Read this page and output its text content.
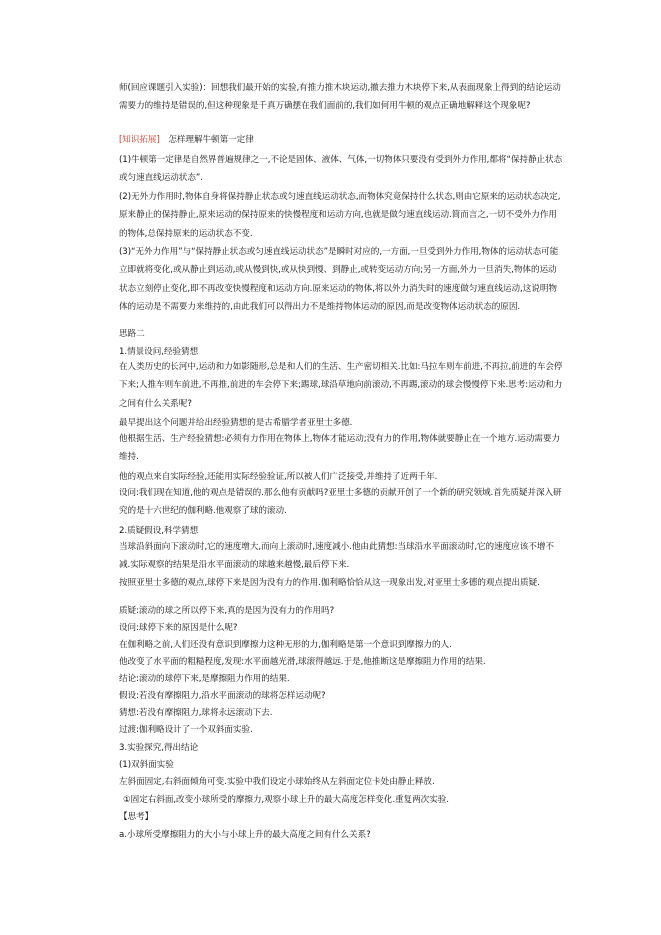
师(回应课题引入实验)：回想我们最开始的实验,有推力推木块运动,撤去推力木块停下来,从表面现象上得到的结论运动需要力的维持是错误的,但这种现象是千真万确摆在我们面前的,我们如何用牛顿的观点正确地解释这个现象呢?
[知识拓展]　怎样理解牛顿第一定律
(1)牛顿第一定律是自然界普遍规律之一,不论是固体、液体、气体,一切物体只要没有受到外力作用,都将“保持静止状态或匀速直线运动状态”.
(2)无外力作用时,物体自身将保持静止状态或匀速直线运动状态,而物体究竟保持什么状态,则由它原来的运动状态决定,原来静止的保持静止,原来运动的保持原来的快慢程度和运动方向,也就是做匀速直线运动.简而言之,一切不受外力作用的物体,总保持原来的运动状态不变.
(3)“无外力作用”与“保持静止状态或匀速直线运动状态”是瞬时对应的,一方面,一旦受到外力作用,物体的运动状态可能立即就将变化,或从静止到运动,或从慢到快,或从快到慢、到静止,或转变运动方向;另一方面,外力一旦消失,物体的运动状态立刻停止变化,即不再改变快慢程度和运动方向.原来运动的物体,将以外力消失时的速度做匀速直线运动,这说明物体的运动是不需要力来维持的,由此我们可以得出力不是维持物体运动的原因,而是改变物体运动状态的原因.
思路二
1.情景设问,经验猜想
在人类历史的长河中,运动和力如影随形,总是和人们的生活、生产密切相关.比如:马拉车则车前进,不再拉,前进的车会停下来;人推车则车前进,不再推,前进的车会停下来;踢球,球沿草地向前滚动,不再踢,滚动的球会慢慢停下来.思考:运动和力之间有什么关系呢?
最早提出这个问题并给出经验猜想的是古希腊学者亚里士多德.
他根据生活、生产经验猜想:必须有力作用在物体上,物体才能运动;没有力的作用,物体就要静止在一个地方.运动需要力维持.
他的观点来自实际经验,还能用实际经验验证,所以被人们广泛接受,并维持了近两千年.
设问:我们现在知道,他的观点是错误的.那么他有贡献吗?亚里士多德的贡献开创了一个新的研究领域.首先质疑并深入研究的是十六世纪的伽利略.他观察了球的滚动.
2.质疑假设,科学猜想
当球沿斜面向下滚动时,它的速度增大,而向上滚动时,速度减小.他由此猜想:当球沿水平面滚动时,它的速度应该不增不减.实际观察的结果是沿水平面滚动的球越来越慢,最后停下来.
按照亚里士多德的观点,球停下来是因为没有力的作用.伽利略恰恰从这一现象出发,对亚里士多德的观点提出质疑.
质疑:滚动的球之所以停下来,真的是因为没有力的作用吗?
设问:球停下来的原因是什么呢?
在伽利略之前,人们还没有意识到摩擦力这种无形的力,伽利略是第一个意识到摩擦力的人.
他改变了水平面的粗糙程度,发现:水平面越光滑,球滚得越远.于是,他推断这是摩擦阻力作用的结果.
结论:滚动的球停下来,是摩擦阻力作用的结果.
假设:若没有摩擦阻力,沿水平面滚动的球将怎样运动呢?
猜想:若没有摩擦阻力,球将永远滚动下去.
过渡:伽利略设计了一个双斜面实验.
3.实验探究,得出结论
(1)双斜面实验
左斜面固定,右斜面倾角可变.实验中我们设定小球始终从左斜面定位卡处由静止释放.
①固定右斜面,改变小球所受的摩擦力,观察小球上升的最大高度怎样变化.重复两次实验.
【思考】
a.小球所受摩擦阻力的大小与小球上升的最大高度之间有什么关系?
